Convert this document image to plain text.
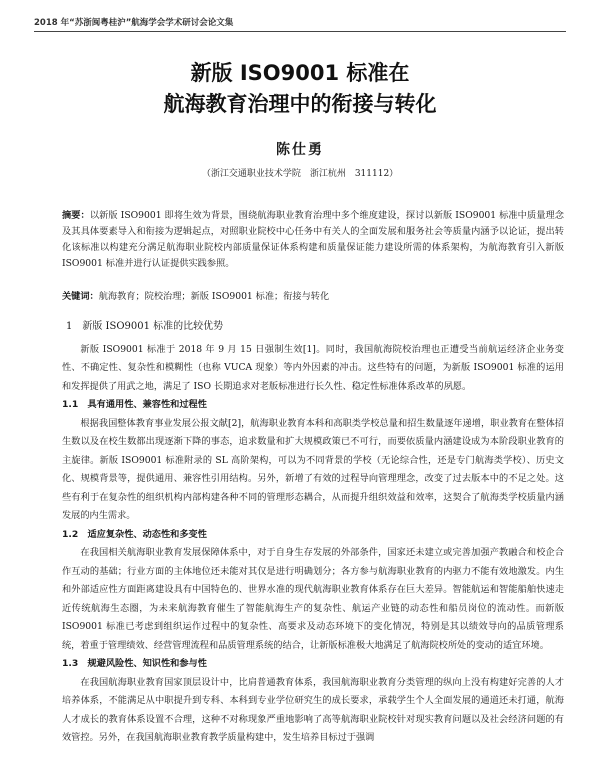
2018 年“苏浙闽粤桂沪”航海学会学术研讨会论文集
新版 ISO9001 标准在
航海教育治理中的衔接与转化
陈仕勇
（浙江交通职业技术学院　浙江杭州　311112）
摘要：以新版 ISO9001 即将生效为背景，围绕航海职业教育治理中多个维度建设，探讨以新版 ISO9001 标准中质量理念及其具体要素导入和衔接为逻辑起点，对照职业院校中心任务中有关人的全面发展和服务社会等质量内涵予以论证，提出转化该标准以构建充分满足航海职业院校内部质量保证体系构建和质量保证能力建设所需的体系架构，为航海教育引入新版 ISO9001 标准并进行认证提供实践参照。
关键词：航海教育；院校治理；新版 ISO9001 标准；衔接与转化
1　新版 ISO9001 标准的比较优势

新版 ISO9001 标准于 2018 年 9 月 15 日强制生效[1]。同时，我国航海院校治理也正遭受当前航运经济企业务变性、不确定性、复杂性和模糊性（也称 VUCA 现象）等内外因素的冲击。这些特有的问题，为新版 ISO9001 标准的运用和发挥提供了用武之地，满足了 ISO 长期追求对老版标准进行长久性、稳定性标准体系改革的夙愿。

1.1　具有通用性、兼容性和过程性

根据我国整体教育事业发展公报文献[2]，航海职业教育本科和高职类学校总量和招生数量逐年递增，职业教育在整体招生数以及在校生数都出现逐渐下降的事态，追求数量和扩大规模政策已不可行，而要依质量内涵建设成为本阶段职业教育的主旋律。新版 ISO9001 标准附录的 SL 高阶架构，可以为不同背景的学校（无论综合性，还是专门航海类学校）、历史文化、规模背景等，提供通用、兼容性引用结构。另外，新增了有效的过程导向管理理念，改变了过去版本中的不足之处。这些有利于在复杂性的组织机构内部构建各种不同的管理形态耦合，从而提升组织效益和效率，这契合了航海类学校质量内涵发展的内生需求。

1.2　适应复杂性、动态性和多变性

在我国相关航海职业教育发展保障体系中，对于自身生存发展的外部条件，国家还未建立或完善加强产教融合和校企合作互动的基础；行业方面的主体地位还未能对其仅是进行明确划分；各方参与航海职业教育的内驱力不能有效地激发。内生和外部适应性方面距离建设具有中国特色的、世界水准的现代航海职业教育体系存在巨大差异。智能航运和智能船舶快速走近传统航海生态圈，为未来航海教育催生了智能航海生产的复杂性、航运产业链的动态性和船员岗位的流动性。而新版 ISO9001 标准已考虑到组织运作过程中的复杂性、高要求及动态环境下的变化情况，特别是其以绩效导向的品质管理系统，着重于管理绩效、经营管理流程和品质管理系统的结合，让新版标准极大地满足了航海院校所处的变动的适宜环境。

1.3　规避风险性、知识性和参与性

在我国航海职业教育国家顶层设计中，比肩普通教育体系，我国航海职业教育分类管理的纵向上没有构建好完善的人才培养体系，不能满足从中职提升到专科、本科到专业学位研究生的成长要求，承载学生个人全面发展的通道还未打通，航海人才成长的教育体系设置不合理，这种不对称现象严重地影响了高等航海职业院校针对现实教育问题以及社会经济问题的有效管控。另外，在我国航海职业教育教学质量构建中，发生培养目标过于强调
